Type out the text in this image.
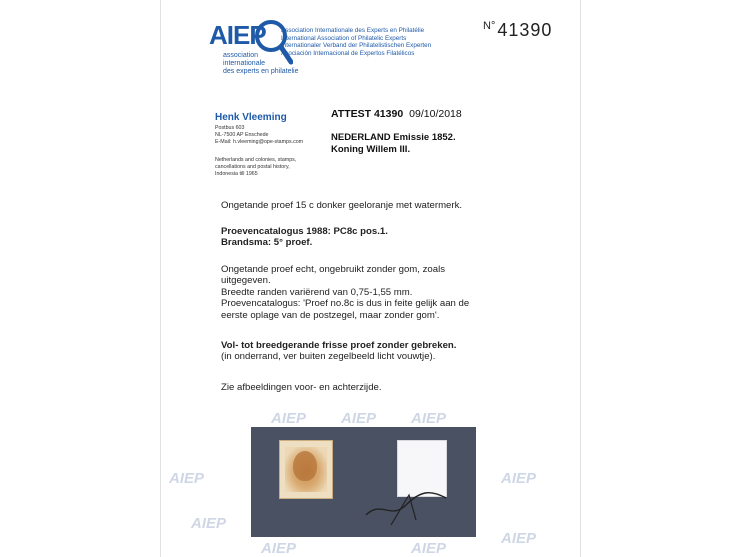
AIEP AIEP AIEP
AIEP	AIEP
AIEP
AIEP	AIEP
AIEP
AIEP
association
internationale
des experts en philatelie
Association Internationale des Experts en Philatélie
International Association of Philatelic Experts
Internationaler Verband der Philatelistischen Experten
Asociación Internacional de Expertos Filatélicos
$^{N^\circ}$ 41390
Henk Vleeming
Postbus 603
NL-7500 AP Enschede
E-Mail: h.vleeming@ope-stamps.com
Netherlands and colonies, stamps,
cancellations and postal history,
Indonesia till 1965
ATTEST 41390 09/10/2018
NEDERLAND Emissie 1852.
Koning Willem III.
Ongetande proef 15 c donker geeloranje met watermerk.
Proevencatalogus 1988: PC8c pos.1.
Brandsma: 5° proef.
Ongetande proef echt, ongebruikt zonder gom, zoals
uitgegeven.
Breedte randen variërend van 0,75-1,55 mm.
Proevencatalogus: 'Proef no.8c is dus in feite gelijk aan de
eerste oplage van de postzegel, maar zonder gom'.
Vol- tot breedgerande frisse proef zonder gebreken.
(in onderrand, ver buiten zegelbeeld licht vouwtje).
Zie afbeeldingen voor- en achterzijde.
